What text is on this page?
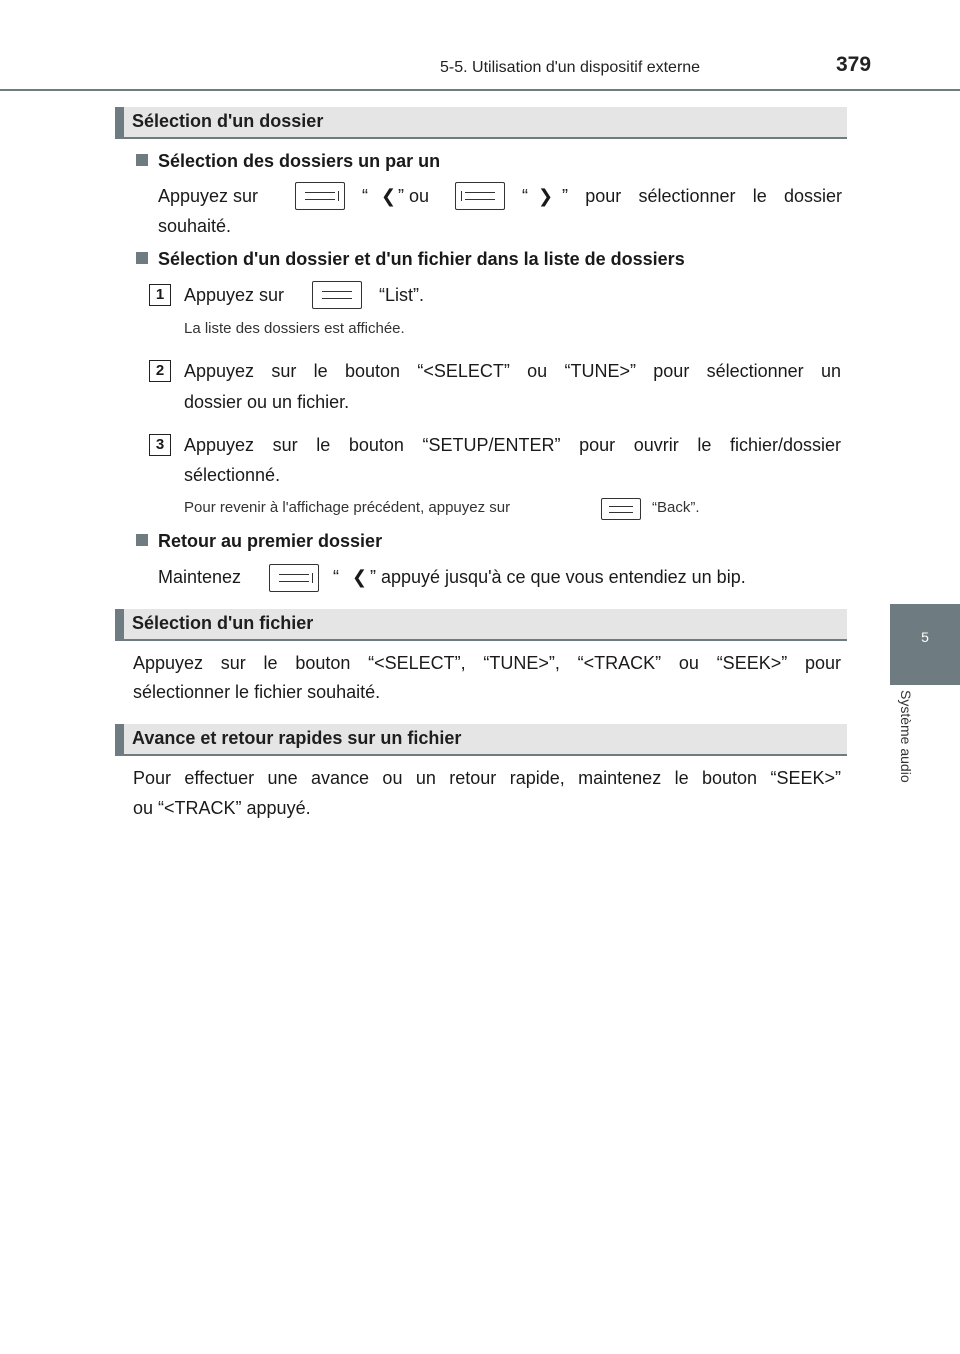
5-5. Utilisation d'un dispositif externe	379
5
Système audio
Sélection d'un dossier
Sélection des dossiers un par un
Appuyez sur	“ ❮ ” ou	“ ❯ ” pour sélectionner le dossier
souhaité.
Sélection d'un dossier et d'un fichier dans la liste de dossiers
1	Appuyez sur	“List”.
La liste des dossiers est affichée.
2	Appuyez sur le bouton “<SELECT” ou “TUNE>” pour sélectionner un
dossier ou un fichier.
3	Appuyez sur le bouton “SETUP/ENTER” pour ouvrir le fichier/dossier
sélectionné.
Pour revenir à l'affichage précédent, appuyez sur	“Back”.
Retour au premier dossier
Maintenez	“ ❮ ” appuyé jusqu'à ce que vous entendiez un bip.
Sélection d'un fichier
Appuyez sur le bouton “<SELECT”, “TUNE>”, “<TRACK” ou “SEEK>” pour
sélectionner le fichier souhaité.
Avance et retour rapides sur un fichier
Pour effectuer une avance ou un retour rapide, maintenez le bouton “SEEK>”
ou “<TRACK” appuyé.
